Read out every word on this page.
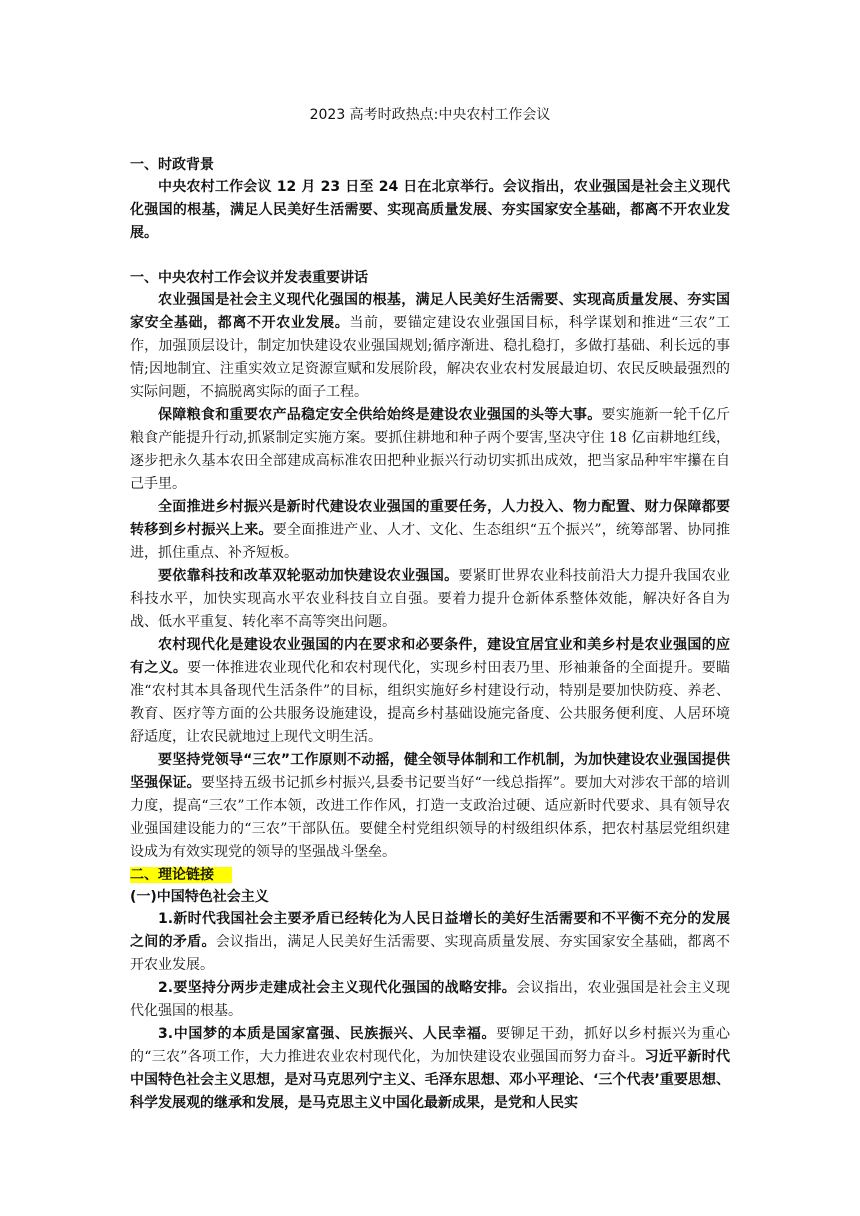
2023 高考时政热点:中央农村工作会议

一、时政背景

中央农村工作会议 12 月 23 日至 24 日在北京举行。会议指出，农业强国是社会主义现代化强国的根基，满足人民美好生活需要、实现高质量发展、夯实国家安全基础，都离不开农业发展。

一、中央农村工作会议并发表重要讲话

农业强国是社会主义现代化强国的根基，满足人民美好生活需要、实现高质量发展、夯实国家安全基础，都离不开农业发展。当前，要锚定建设农业强国目标，科学谋划和推进“三农”工作，加强顶层设计，制定加快建设农业强国规划;循序渐进、稳扎稳打，多做打基础、利长远的事情;因地制宜、注重实效立足资源宣赋和发展阶段，解决农业农村发展最迫切、农民反映最强烈的实际问题，不搞脱离实际的面子工程。

保障粮食和重要农产品稳定安全供给始终是建设农业强国的头等大事。要实施新一轮千亿斤粮食产能提升行动,抓紧制定实施方案。要抓住耕地和种子两个要害,坚决守住 18 亿亩耕地红线，逐步把永久基本农田全部建成高标准农田把种业振兴行动切实抓出成效，把当家品种牢牢攥在自己手里。

全面推进乡村振兴是新时代建设农业强国的重要任务，人力投入、物力配置、财力保障都要转移到乡村振兴上来。要全面推进产业、人才、文化、生态组织“五个振兴”，统筹部署、协同推进，抓住重点、补齐短板。

要依靠科技和改革双轮驱动加快建设农业强国。要紧盯世界农业科技前沿大力提升我国农业科技水平，加快实现高水平农业科技自立自强。要着力提升仓新体系整体效能，解决好各自为战、低水平重复、转化率不高等突出问题。

农村现代化是建设农业强国的内在要求和必要条件，建设宜居宜业和美乡村是农业强国的应有之义。要一体推进农业现代化和农村现代化，实现乡村田表乃里、形袖兼备的全面提升。要瞄准“农村其本具备现代生活条件”的目标，组织实施好乡村建设行动，特别是要加快防疫、养老、教育、医疗等方面的公共服务设施建设，提高乡村基础设施完备度、公共服务便利度、人居环境舒适度，让农民就地过上现代文明生活。

要坚持党领导“三农”工作原则不动摇，健全领导体制和工作机制，为加快建设农业强国提供坚强保证。要坚持五级书记抓乡村振兴,县委书记要当好“一线总指挥”。要加大对涉农干部的培训力度，提高“三农”工作本领，改进工作作风，打造一支政治过硬、适应新时代要求、具有领导农业强国建设能力的“三农”干部队伍。要健全村党组织领导的村级组织体系，把农村基层党组织建设成为有效实现党的领导的坚强战斗堡垒。

二、理论链接

(一)中国特色社会主义

1.新时代我国社会主要矛盾已经转化为人民日益增长的美好生活需要和不平衡不充分的发展之间的矛盾。会议指出，满足人民美好生活需要、实现高质量发展、夯实国家安全基础，都离不开农业发展。

2.要坚持分两步走建成社会主义现代化强国的战略安排。会议指出，农业强国是社会主义现代化强国的根基。

3.中国梦的本质是国家富强、民族振兴、人民幸福。要铆足干劲，抓好以乡村振兴为重心的“三农”各项工作，大力推进农业农村现代化，为加快建设农业强国而努力奋斗。习近平新时代中国特色社会主义思想，是对马克思列宁主义、毛泽东思想、邓小平理论、‘三个代表’重要思想、科学发展观的继承和发展，是马克思主义中国化最新成果，是党和人民实
